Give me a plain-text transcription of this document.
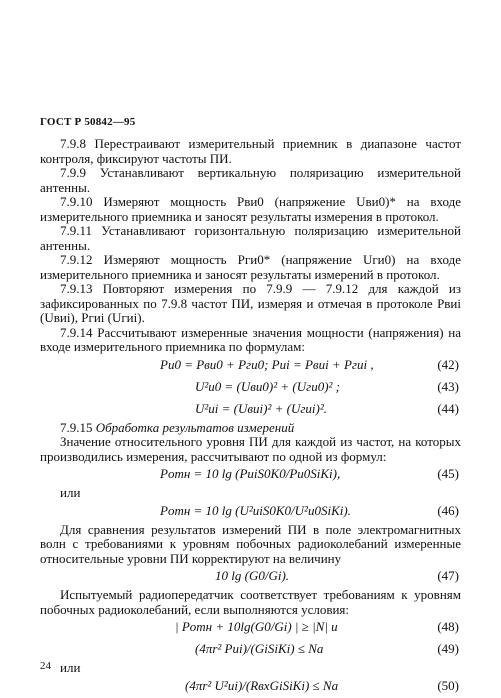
ГОСТ Р 50842—95

7.9.8 Перестраивают измерительный приемник в диапазоне частот контроля, фиксируют частоты ПИ.

7.9.9 Устанавливают вертикальную поляризацию измерительной антенны.

7.9.10 Измеряют мощность Pви0 (напряжение Uви0)* на входе измерительного приемника и заносят результаты измерения в протокол.

7.9.11 Устанавливают горизонтальную поляризацию измерительной антенны.

7.9.12 Измеряют мощность Pги0* (напряжение Uги0) на входе измерительного приемника и заносят результаты измерений в протокол.

7.9.13 Повторяют измерения по 7.9.9 — 7.9.12 для каждой из зафиксированных по 7.9.8 частот ПИ, измеряя и отмечая в протоколе Pвиi (Uвиi), Pгиi (Uгиi).

7.9.14 Рассчитывают измеренные значения мощности (напряжения) на входе измерительного приемника по формулам:

Pи0 = Pви0 + Pги0; Pиi = Pвиi + Pгиi ,	(42)
U²и0 = (Uви0)² + (Uги0)² ;	(43)
U²иi = (Uвиi)² + (Uгиi)².	(44)

7.9.15 Обработка результатов измерений

Значение относительного уровня ПИ для каждой из частот, на которых производились измерения, рассчитывают по одной из формул:

Pотн = 10 lg (PиiS0K0/Pи0SiKi),	(45)

или

Pотн = 10 lg (U²иiS0K0/U²и0SiKi).	(46)

Для сравнения результатов измерений ПИ в поле электромагнитных волн с требованиями к уровням побочных радиоколебаний измеренные относительные уровни ПИ корректируют на величину

10 lg (G0/Gi).	(47)

Испытуемый радиопередатчик соответствует требованиям к уровням побочных радиоколебаний, если выполняются условия:

| Pотн + 10lg(G0/Gi) | ≥ |N| и	(48)
(4πr² Pиi)/(GiSiKi) ≤ Na	(49)

или

(4πr² U²иi)/(RвхGiSiKi) ≤ Na	(50)
24
